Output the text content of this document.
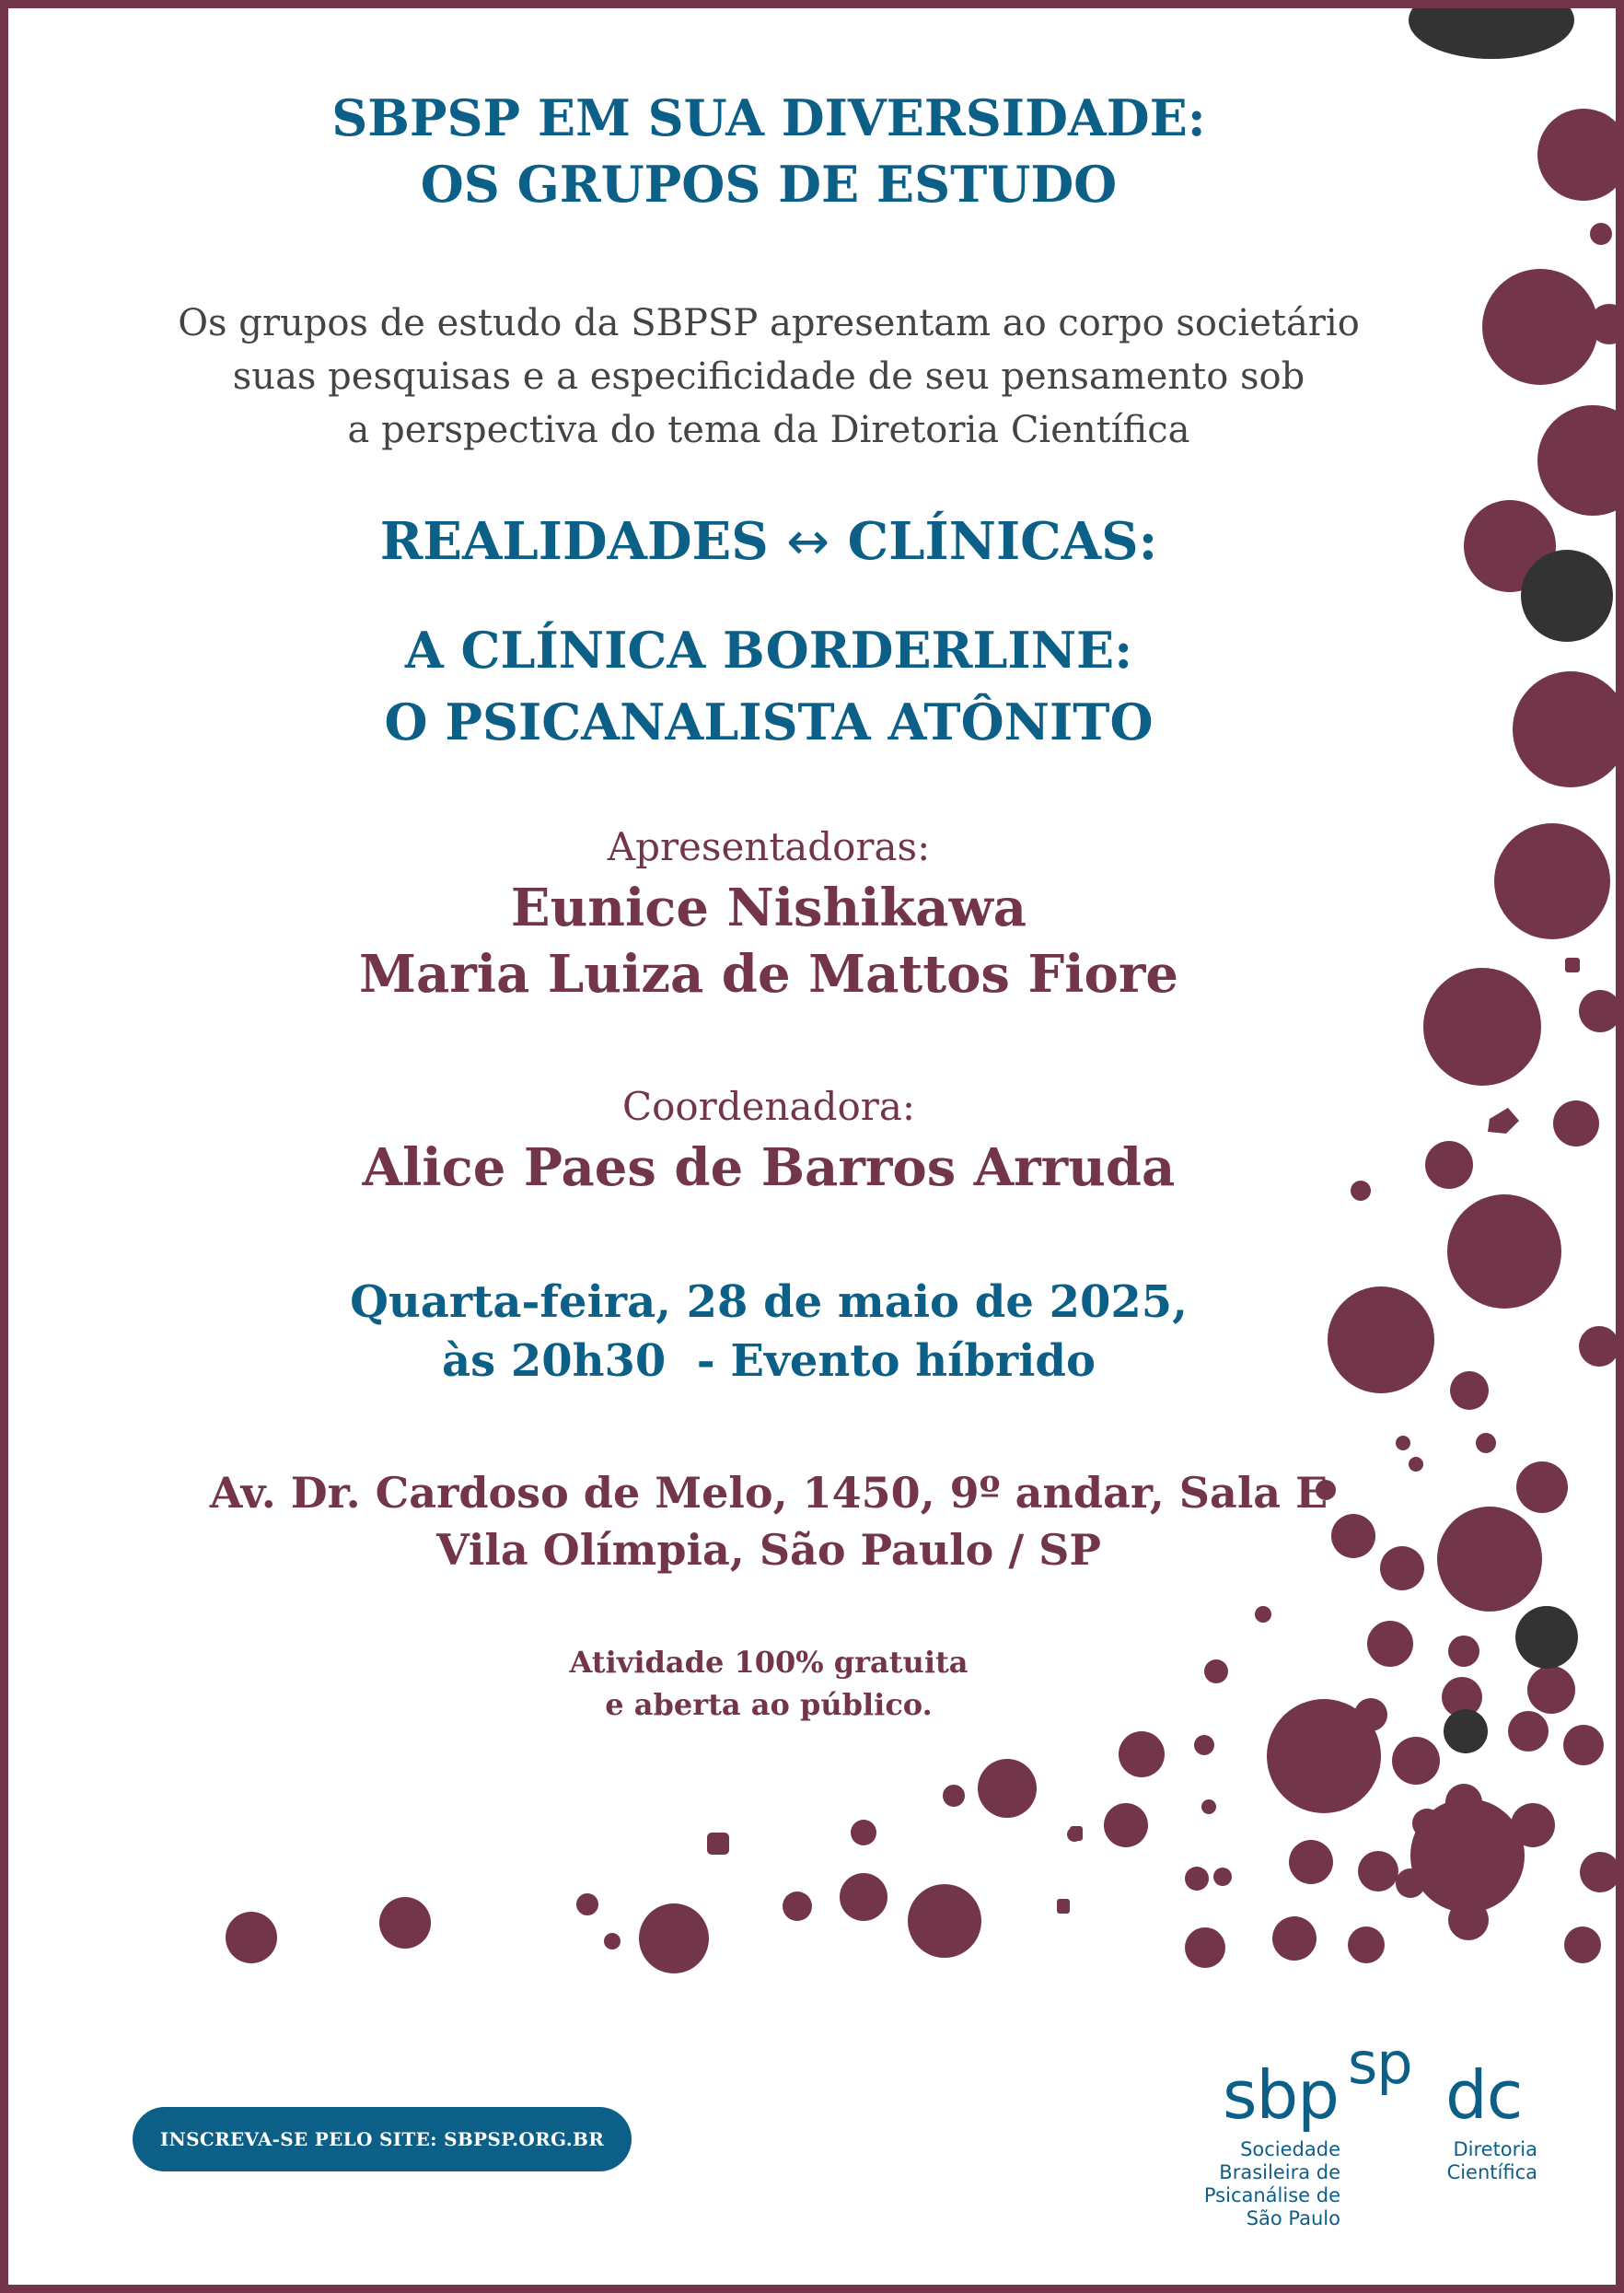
SBPSP EM SUA DIVERSIDADE:
OS GRUPOS DE ESTUDO
Os grupos de estudo da SBPSP apresentam ao corpo societário
suas pesquisas e a especificidade de seu pensamento sob
a perspectiva do tema da Diretoria Científica
REALIDADES ↔ CLÍNICAS:
A CLÍNICA BORDERLINE:
O PSICANALISTA ATÔNITO
Apresentadoras:
Eunice Nishikawa
Maria Luiza de Mattos Fiore
Coordenadora:
Alice Paes de Barros Arruda
Quarta-feira, 28 de maio de 2025,
às 20h30  - Evento híbrido
Av. Dr. Cardoso de Melo, 1450, 9º andar, Sala E
Vila Olímpia, São Paulo / SP
Atividade 100% gratuita
e aberta ao público.
INSCREVA-SE PELO SITE: SBPSP.ORG.BR
sbp sp dc
Sociedade
Brasileira de
Psicanálise de
São Paulo
Diretoria
Científica
